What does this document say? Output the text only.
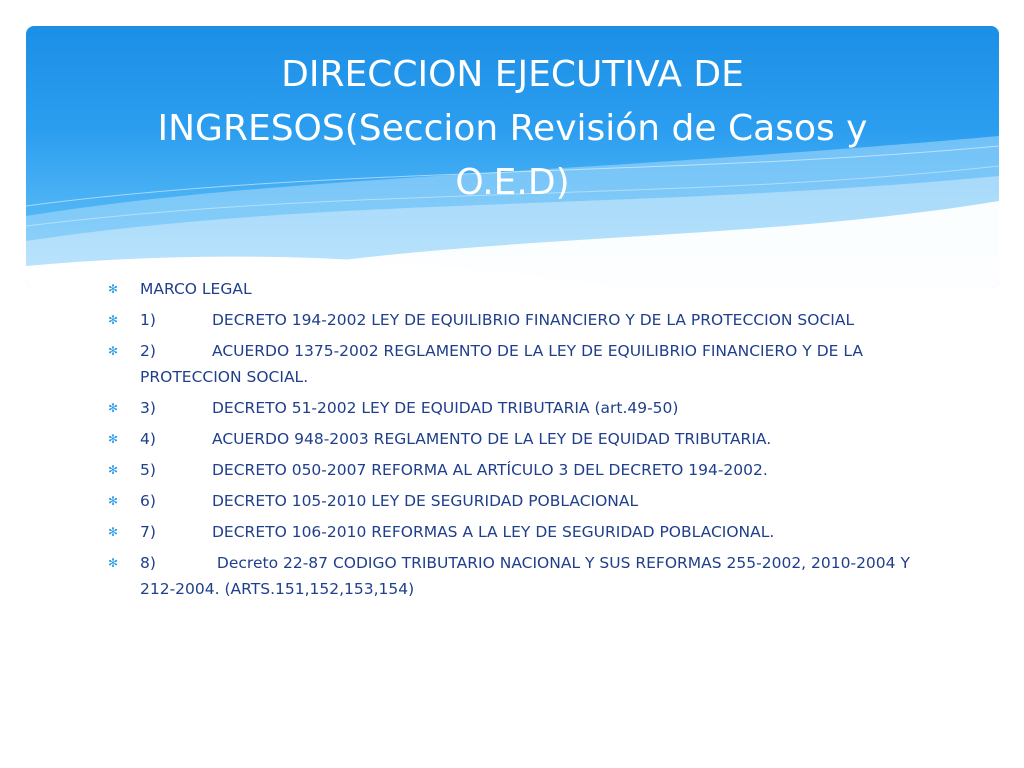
DIRECCION EJECUTIVA DE
INGRESOS(Seccion Revisión de Casos y
O.E.D)
✻ MARCO LEGAL
✻ 1)	DECRETO 194-2002 LEY DE EQUILIBRIO FINANCIERO Y DE LA PROTECCION SOCIAL
✻ 2)	ACUERDO 1375-2002 REGLAMENTO DE LA LEY DE EQUILIBRIO FINANCIERO Y DE LA PROTECCION SOCIAL.
✻ 3)	DECRETO 51-2002 LEY DE EQUIDAD TRIBUTARIA (art.49-50)
✻ 4)	ACUERDO 948-2003 REGLAMENTO DE LA LEY DE EQUIDAD TRIBUTARIA.
✻ 5)	DECRETO 050-2007 REFORMA AL ARTÍCULO 3 DEL DECRETO 194-2002.
✻ 6)	DECRETO 105-2010 LEY DE SEGURIDAD POBLACIONAL
✻ 7)	DECRETO 106-2010 REFORMAS A LA LEY DE SEGURIDAD POBLACIONAL.
✻ 8)	Decreto 22-87 CODIGO TRIBUTARIO NACIONAL Y SUS REFORMAS 255-2002, 2010-2004 Y 212-2004. (ARTS.151,152,153,154)
